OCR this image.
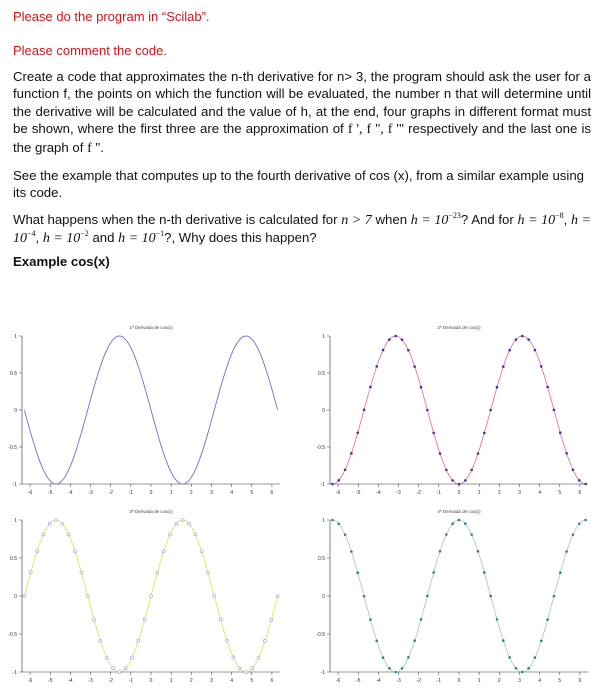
Please do the program in “Scilab”.
Please comment the code.

Create a code that approximates the n-th derivative for n> 3, the program should ask the user for a function f, the points on which the function will be evaluated, the number n that will determine until the derivative will be calculated and the value of h, at the end, four graphs in different format must be shown, where the first three are the approximation of f ', f '', f ''' respectively and the last one is the graph of f ''.

See the example that computes up to the fourth derivative of cos (x), from a similar example using its code.

What happens when the n-th derivative is calculated for n > 7 when $h = 10^{-23}$? And for $h = 10^{-8}$, $h = 10^{-4}$, $h = 10^{-2}$ and $h = 10^{-1}$?, Why does this happen?

Example cos(x)
1ª Derivada de cos(x)
-6	-5	-4	-3	-2	-1	0	1	2	3	4	5	6
-1
-0.5
0
0.5
1
2ª Derivada de cos(x)
-6	-5	-4	-3	-2	-1	0	1	2	3	4	5	6
-1
-0.5
0
0.5
1
3ª Derivada de cos(x)
-6	-5	-4	-3	-2	-1	0	1	2	3	4	5	6
-1
-0.5
0
0.5
1
4ª Derivada de cos(x)
-6	-5	-4	-3	-2	-1	0	1	2	3	4	5	6
-1
-0.5
0
0.5
1
